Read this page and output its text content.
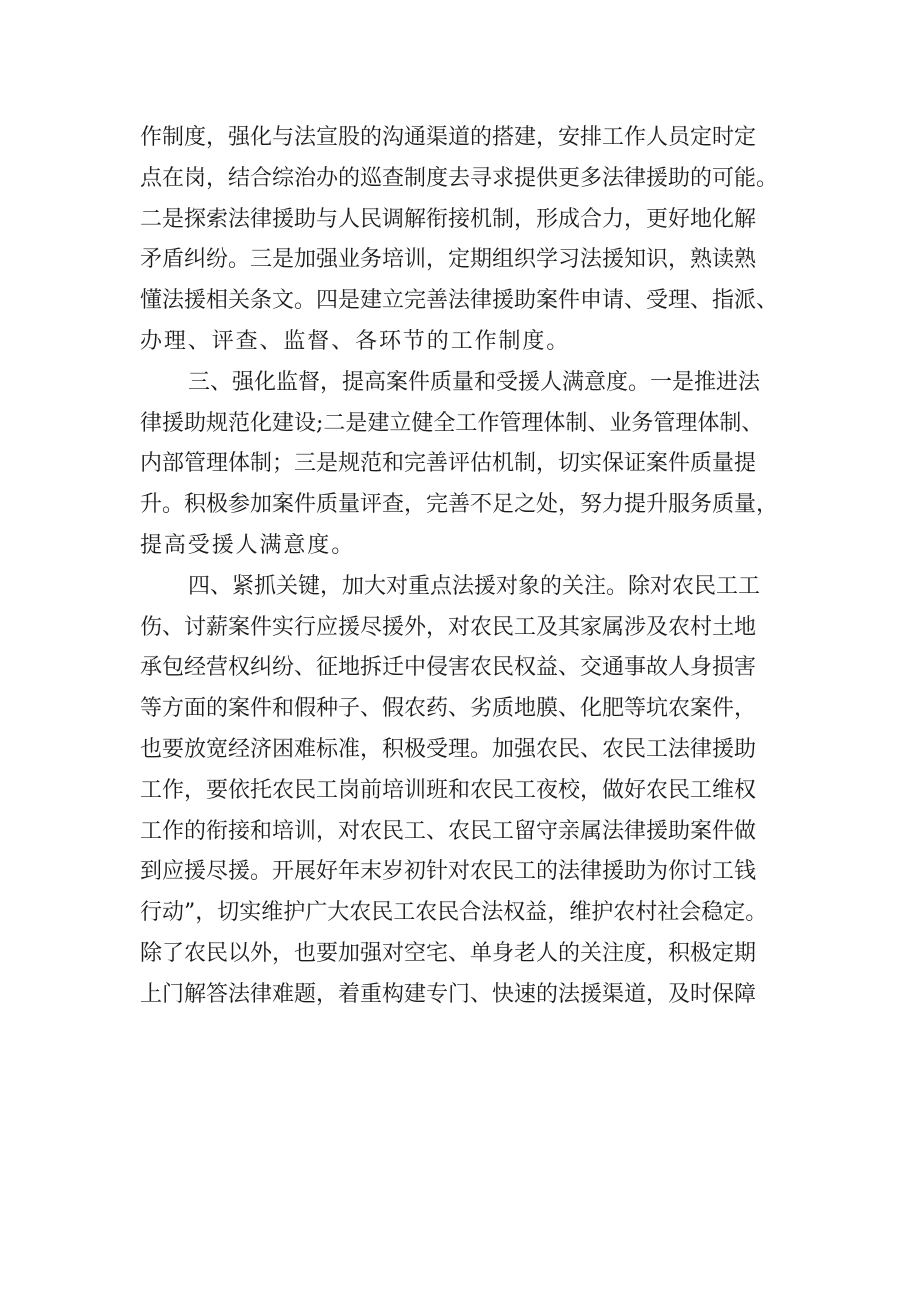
作制度，强化与法宣股的沟通渠道的搭建，安排工作人员定时定
点在岗，结合综治办的巡查制度去寻求提供更多法律援助的可能。
二是探索法律援助与人民调解衔接机制，形成合力，更好地化解
矛盾纠纷。三是加强业务培训，定期组织学习法援知识，熟读熟
懂法援相关条文。四是建立完善法律援助案件申请、受理、指派、
办理、评查、监督、各环节的工作制度。
三、强化监督，提高案件质量和受援人满意度。一是推进法
律援助规范化建设;二是建立健全工作管理体制、业务管理体制、
内部管理体制；三是规范和完善评估机制，切实保证案件质量提
升。积极参加案件质量评查，完善不足之处，努力提升服务质量，
提高受援人满意度。
四、紧抓关键，加大对重点法援对象的关注。除对农民工工
伤、讨薪案件实行应援尽援外，对农民工及其家属涉及农村土地
承包经营权纠纷、征地拆迁中侵害农民权益、交通事故人身损害
等方面的案件和假种子、假农药、劣质地膜、化肥等坑农案件，
也要放宽经济困难标准，积极受理。加强农民、农民工法律援助
工作，要依托农民工岗前培训班和农民工夜校，做好农民工维权
工作的衔接和培训，对农民工、农民工留守亲属法律援助案件做
到应援尽援。开展好年末岁初针对农民工的法律援助为你讨工钱
行动”，切实维护广大农民工农民合法权益，维护农村社会稳定。
除了农民以外，也要加强对空宅、单身老人的关注度，积极定期
上门解答法律难题，着重构建专门、快速的法援渠道，及时保障
